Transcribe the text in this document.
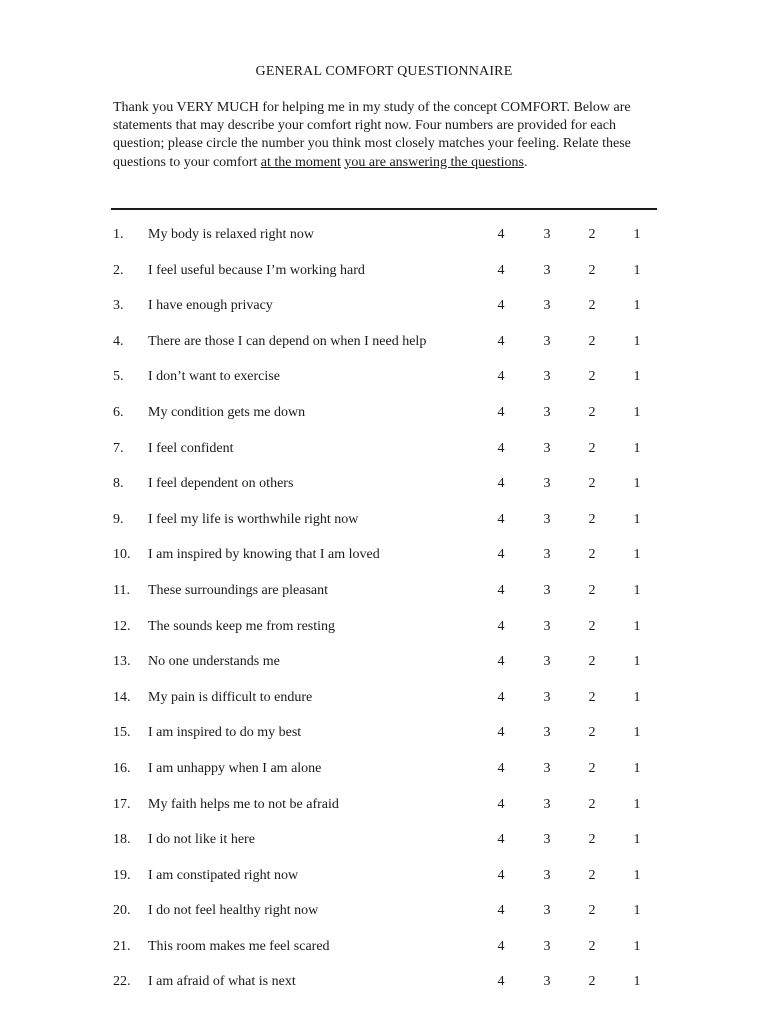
GENERAL COMFORT QUESTIONNAIRE

Thank you VERY MUCH for helping me in my study of the concept COMFORT. Below are statements that may describe your comfort right now. Four numbers are provided for each question; please circle the number you think most closely matches your feeling. Relate these questions to your comfort at the moment you are answering the questions.

1. My body is relaxed right now	4	3	2	1
2. I feel useful because I’m working hard	4	3	2	1
3. I have enough privacy	4	3	2	1
4. There are those I can depend on when I need help	4	3	2	1
5. I don’t want to exercise	4	3	2	1
6. My condition gets me down	4	3	2	1
7. I feel confident	4	3	2	1
8. I feel dependent on others	4	3	2	1
9. I feel my life is worthwhile right now	4	3	2	1
10. I am inspired by knowing that I am loved	4	3	2	1
11. These surroundings are pleasant	4	3	2	1
12. The sounds keep me from resting	4	3	2	1
13. No one understands me	4	3	2	1
14. My pain is difficult to endure	4	3	2	1
15. I am inspired to do my best	4	3	2	1
16. I am unhappy when I am alone	4	3	2	1
17. My faith helps me to not be afraid	4	3	2	1
18. I do not like it here	4	3	2	1
19. I am constipated right now	4	3	2	1
20. I do not feel healthy right now	4	3	2	1
21. This room makes me feel scared	4	3	2	1
22. I am afraid of what is next	4	3	2	1
